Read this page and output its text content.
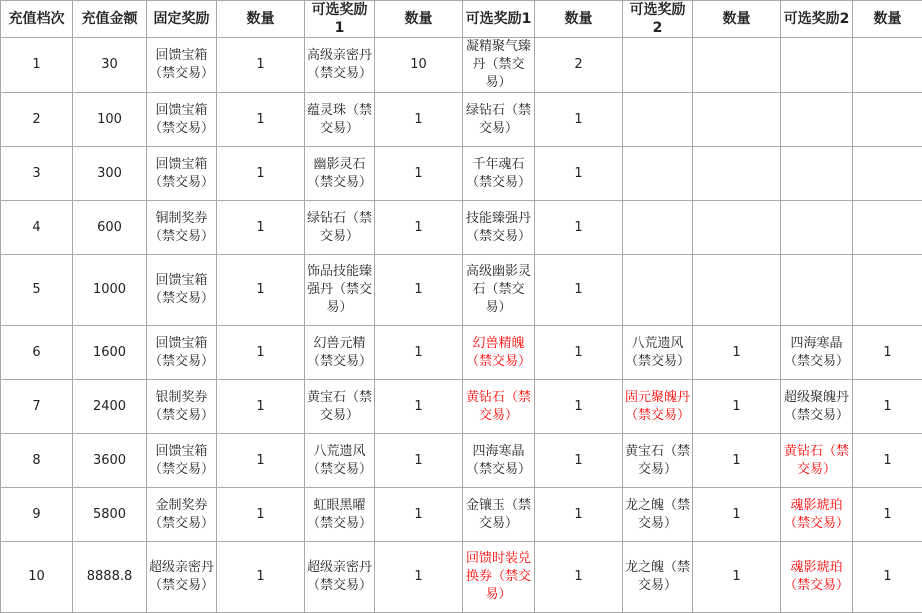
充值档次	充值金额	固定奖励	数量	可选奖励1	数量	可选奖励1	数量	可选奖励2	数量	可选奖励2	数量
1	30	回馈宝箱（禁交易）	1	高级亲密丹（禁交易）	10	凝精聚气臻丹（禁交易）	2				
2	100	回馈宝箱（禁交易）	1	蕴灵珠（禁交易）	1	绿钻石（禁交易）	1				
3	300	回馈宝箱（禁交易）	1	幽影灵石（禁交易）	1	千年魂石（禁交易）	1				
4	600	铜制奖券（禁交易）	1	绿钻石（禁交易）	1	技能臻强丹（禁交易）	1				
5	1000	回馈宝箱（禁交易）	1	饰品技能臻强丹（禁交易）	1	高级幽影灵石（禁交易）	1				
6	1600	回馈宝箱（禁交易）	1	幻兽元精（禁交易）	1	幻兽精魄（禁交易）	1	八荒遗风（禁交易）	1	四海寒晶（禁交易）	1
7	2400	银制奖券（禁交易）	1	黄宝石（禁交易）	1	黄钻石（禁交易）	1	固元聚魄丹（禁交易）	1	超级聚魄丹（禁交易）	1
8	3600	回馈宝箱（禁交易）	1	八荒遗风（禁交易）	1	四海寒晶（禁交易）	1	黄宝石（禁交易）	1	黄钻石（禁交易）	1
9	5800	金制奖券（禁交易）	1	虹眼黑曜（禁交易）	1	金镶玉（禁交易）	1	龙之魄（禁交易）	1	魂影琥珀（禁交易）	1
10	8888.8	超级亲密丹（禁交易）	1	超级亲密丹（禁交易）	1	回馈时装兑换券（禁交易）	1	龙之魄（禁交易）	1	魂影琥珀（禁交易）	1
